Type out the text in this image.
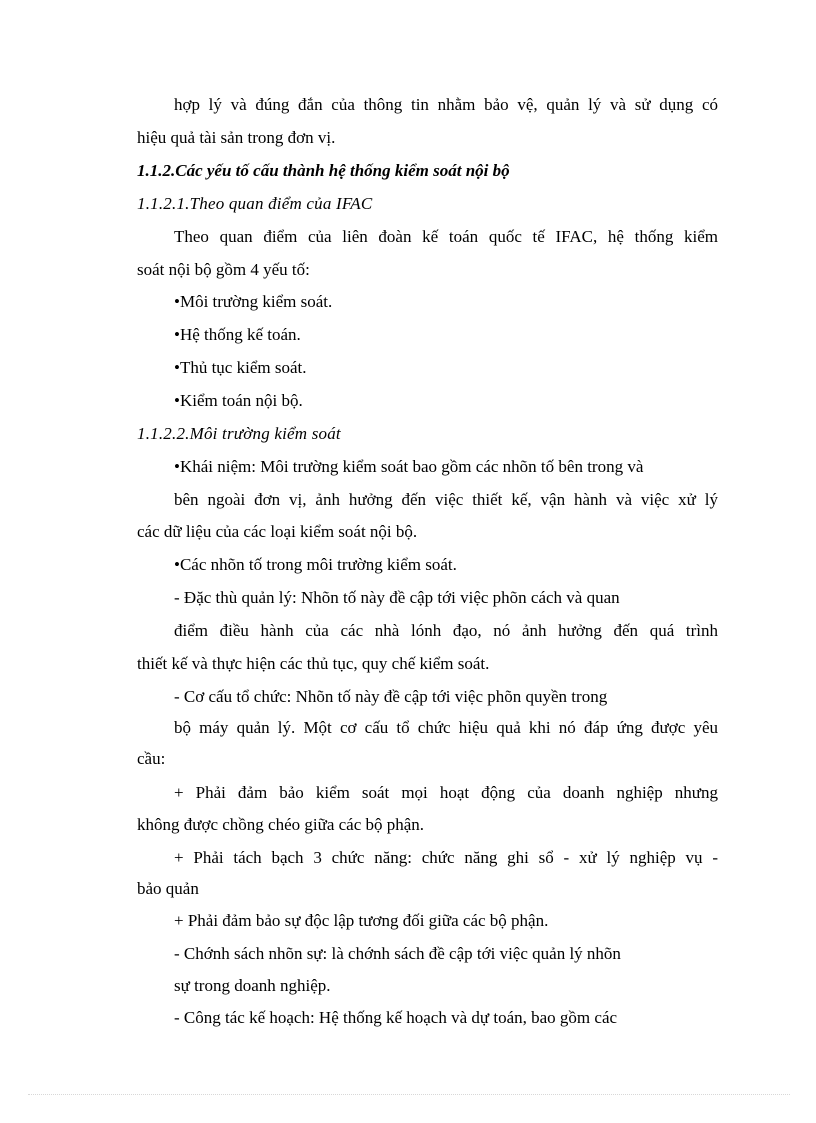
hợp lý và đúng đắn của thông tin nhằm bảo vệ, quản lý và sử dụng có
hiệu quả tài sản trong đơn vị.
1.1.2.Các yếu tố cấu thành hệ thống kiểm soát nội bộ
1.1.2.1.Theo quan điểm của IFAC
Theo quan điểm của liên đoàn kế toán quốc tế IFAC, hệ thống kiểm
soát nội bộ gồm 4 yếu tố:
•Môi trường kiểm soát.
•Hệ thống kế toán.
•Thủ tục kiểm soát.
•Kiểm toán nội bộ.
1.1.2.2.Môi trường kiểm soát
•Khái niệm: Môi trường kiểm soát bao gồm các nhõn tố bên trong và
bên ngoài đơn vị, ảnh hưởng đến việc thiết kế, vận hành và việc xử lý
các dữ liệu của các loại kiểm soát nội bộ.
•Các nhõn tố trong môi trường kiểm soát.
- Đặc thù quản lý: Nhõn tố này đề cập tới việc phõn cách và quan
điểm điều hành của các nhà lónh đạo, nó ảnh hưởng đến quá trình
thiết kế và thực hiện các thủ tục, quy chế kiểm soát.
- Cơ cấu tổ chức: Nhõn tố này đề cập tới việc phõn quyền trong
bộ máy quản lý. Một cơ cấu tổ chức hiệu quả khi nó đáp ứng được yêu
cầu:
+ Phải đảm bảo kiểm soát mọi hoạt động của doanh nghiệp nhưng
không được chồng chéo giữa các bộ phận.
+ Phải tách bạch 3 chức năng: chức năng ghi sổ - xử lý nghiệp vụ -
bảo quản
+ Phải đảm bảo sự độc lập tương đối giữa các bộ phận.
- Chớnh sách nhõn sự: là chớnh sách đề cập tới việc quản lý nhõn
sự trong doanh nghiệp.
- Công tác kế hoạch: Hệ thống kế hoạch và dự toán, bao gồm các
